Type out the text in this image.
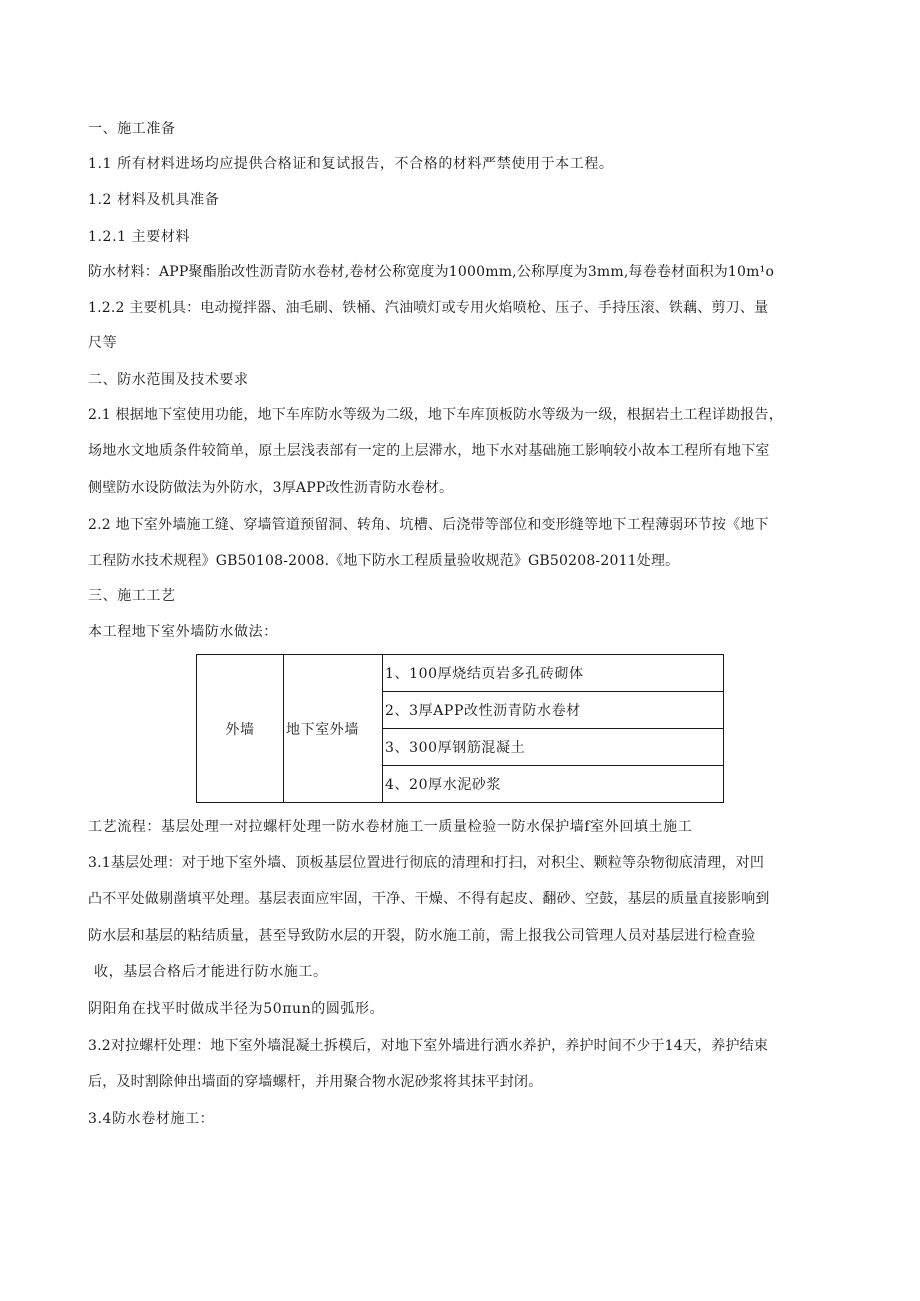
一、施工准备
1.1 所有材料进场均应提供合格证和复试报告，不合格的材料严禁使用于本工程。
1.2 材料及机具准备
1.2.1 主要材料
防水材料：APP聚酯胎改性沥青防水卷材,卷材公称宽度为1000mm,公称厚度为3mm,每卷卷材面积为10m¹o
1.2.2 主要机具：电动搅拌器、油毛刷、铁桶、汽油喷灯或专用火焰喷枪、压子、手持压滚、铁藕、剪刀、量
尺等
二、防水范围及技术要求
2.1 根据地下室使用功能，地下车库防水等级为二级，地下车库顶板防水等级为一级，根据岩土工程详勘报告，
场地水文地质条件较简单，原土层浅表部有一定的上层滞水，地下水对基础施工影响较小故本工程所有地下室
侧壁防水设防做法为外防水，3厚APP改性沥青防水卷材。
2.2 地下室外墙施工缝、穿墙管道预留洞、转角、坑槽、后浇带等部位和变形缝等地下工程薄弱环节按《地下
工程防水技术规程》GB50108-2008.《地下防水工程质量验收规范》GB50208-2011处理。
三、施工工艺
本工程地下室外墙防水做法：
外墙	地下室外墙	1、100厚烧结页岩多孔砖砌体
2、3厚APP改性沥青防水卷材
3、300厚钢筋混凝土
4、20厚水泥砂浆
工艺流程：基层处理一对拉螺杆处理一防水卷材施工一质量检验一防水保护墙f室外回填土施工
3.1基层处理：对于地下室外墙、顶板基层位置进行彻底的清理和打扫，对积尘、颗粒等杂物彻底清理，对凹
凸不平处做剔凿填平处理。基层表面应牢固，干净、干燥、不得有起皮、翻砂、空鼓，基层的质量直接影响到
防水层和基层的粘结质量，甚至导致防水层的开裂，防水施工前，需上报我公司管理人员对基层进行检查验
收，基层合格后才能进行防水施工。
阴阳角在找平时做成半径为50πun的圆弧形。
3.2对拉螺杆处理：地下室外墙混凝土拆模后，对地下室外墙进行洒水养护，养护时间不少于14天，养护结束
后，及时割除伸出墙面的穿墙螺杆，并用聚合物水泥砂浆将其抹平封闭。
3.4防水卷材施工：
